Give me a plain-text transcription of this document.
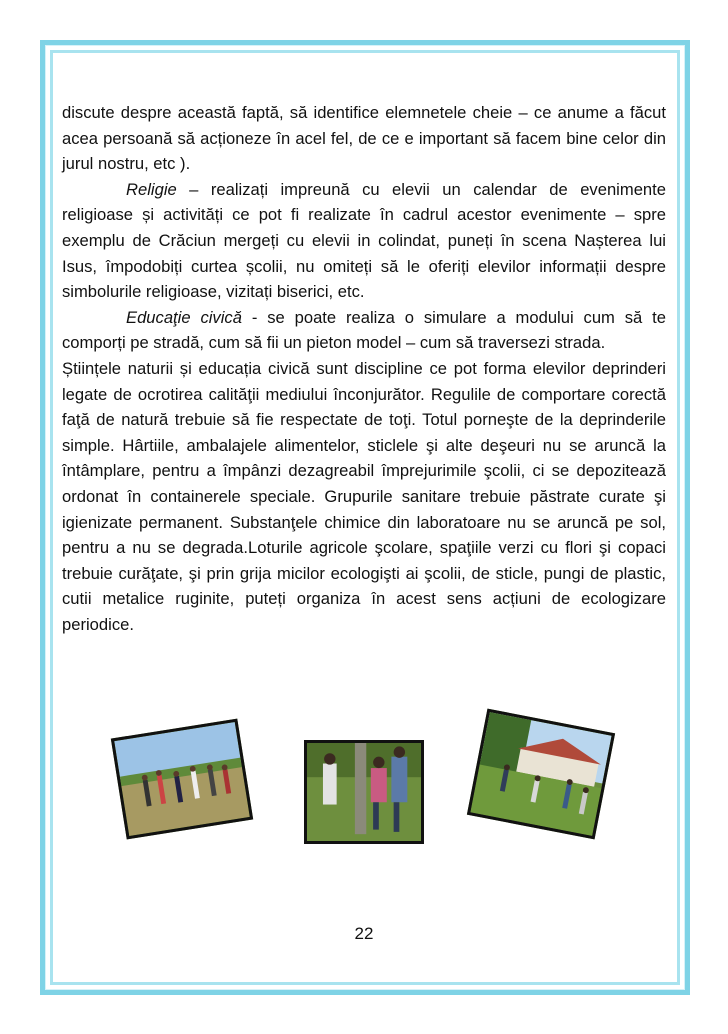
discute despre această faptă, să identifice elemnetele cheie – ce anume a făcut acea persoană să acționeze în acel fel, de ce e important să facem bine celor din jurul nostru, etc ).

Religie – realizați impreună cu elevii un calendar de evenimente religioase și activități ce pot fi realizate în cadrul acestor evenimente – spre exemplu de Crăciun mergeți cu elevii in colindat, puneți în scena Nașterea lui Isus, împodobiți curtea școlii, nu omiteți să le oferiți elevilor informații despre simbolurile religioase, vizitați biserici, etc.

Educaţie civică - se poate realiza o simulare a modului cum să te comporți pe stradă, cum să fii un pieton model – cum să traversezi strada.

Științele naturii și educația civică sunt discipline ce pot forma elevilor deprinderi legate de ocrotirea calităţii mediului înconjurător. Regulile de comportare corectă faţă de natură trebuie să fie respectate de toţi. Totul porneşte de la deprinderile simple. Hârtiile, ambalajele alimentelor, sticlele şi alte deşeuri nu se aruncă la întâmplare, pentru a împânzi dezagreabil împrejurimile şcolii, ci se depozitează ordonat în containerele speciale. Grupurile sanitare trebuie păstrate curate şi igienizate permanent. Substanţele chimice din laboratoare nu se aruncă pe sol, pentru a nu se degrada.Loturile agricole şcolare, spaţiile verzi cu flori şi copaci trebuie curăţate, şi prin grija micilor ecologişti ai şcolii, de sticle, pungi de plastic, cutii metalice ruginite, puteți organiza în acest sens acțiuni de ecologizare periodice.

22
